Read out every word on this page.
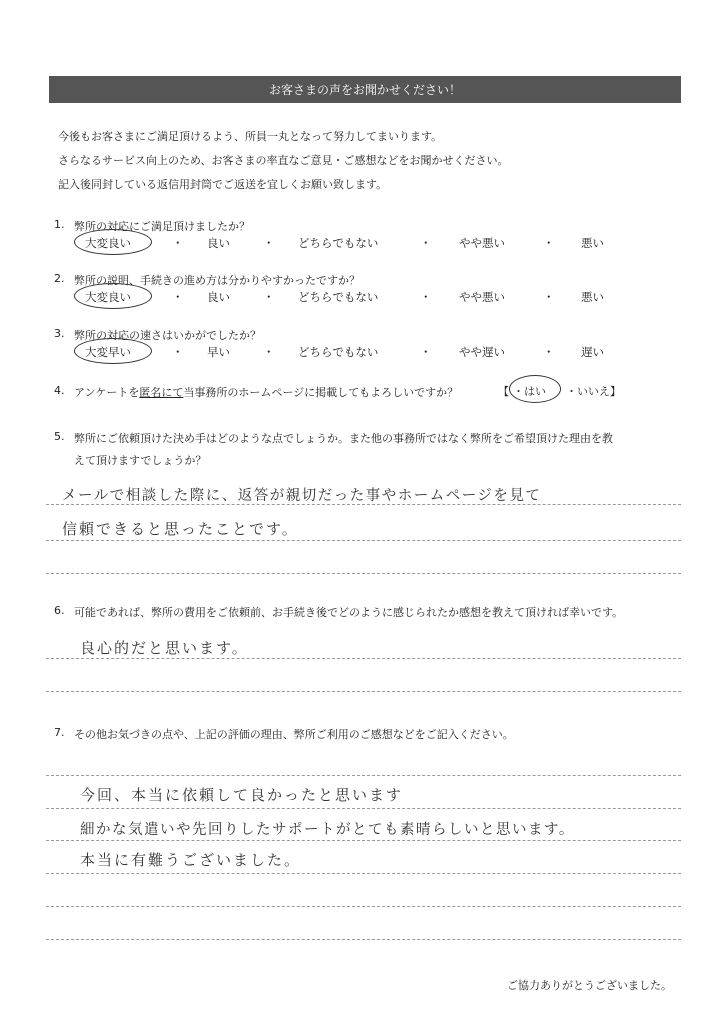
お客さまの声をお聞かせください！
今後もお客さまにご満足頂けるよう、所員一丸となって努力してまいります。
さらなるサービス向上のため、お客さまの率直なご意見・ご感想などをお聞かせください。
記入後同封している返信用封筒でご返送を宜しくお願い致します。
1. 弊所の対応にご満足頂けましたか？
大変良い	・ 良い	・ どちらでもない	・ やや悪い	・ 悪い
2. 弊所の説明、手続きの進め方は分かりやすかったですか？
大変良い	・ 良い	・ どちらでもない	・ やや悪い	・ 悪い
3. 弊所の対応の速さはいかがでしたか？
大変早い	・ 早い	・ どちらでもない	・ やや遅い	・ 遅い
4. アンケートを 匿名にて 当事務所のホームページに掲載してもよろしいですか？	【 ・はい ・いいえ 】
5. 弊所にご依頼頂けた決め手はどのような点でしょうか。また他の事務所ではなく弊所をご希望頂けた理由を教
えて頂けますでしょうか？
メールで相談した際に、返答が親切だった事やホームページを見て
信頼できると思ったことです。
6. 可能であれば、弊所の費用をご依頼前、お手続き後でどのように感じられたか感想を教えて頂ければ幸いです。
良心的だと思います。
7. その他お気づきの点や、上記の評価の理由、弊所ご利用のご感想などをご記入ください。
今回、本当に依頼して良かったと思います
細かな気遣いや先回りしたサポートがとても素晴らしいと思います。
本当に有難うございました。
ご協力ありがとうございました。
